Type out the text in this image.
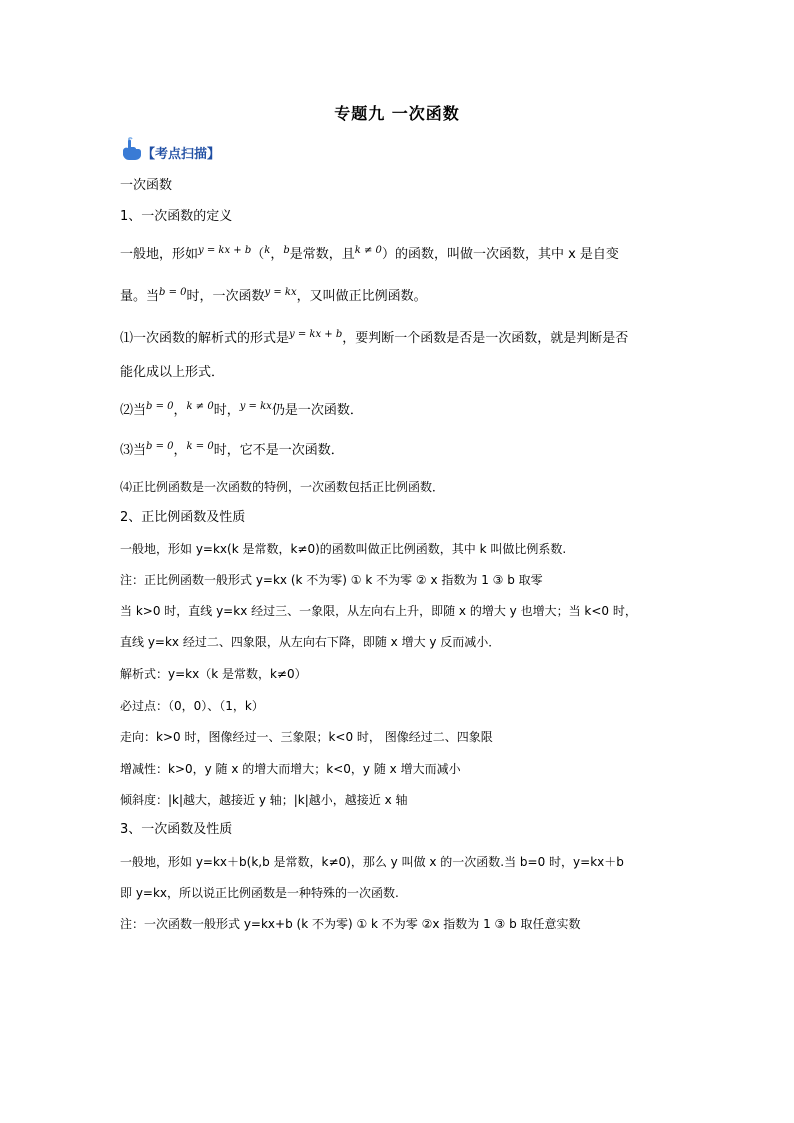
专题九 一次函数
【考点扫描】
一次函数
1、一次函数的定义
一般地，形如$^{y = kx + b}$（$^k$，$^b$是常数，且$^{k \ne 0}$）的函数，叫做一次函数，其中 x 是自变
量。当$^{b = 0}$时，一次函数$^{y = kx}$，又叫做正比例函数。
⑴一次函数的解析式的形式是$^{y = kx + b}$，要判断一个函数是否是一次函数，就是判断是否
能化成以上形式．
⑵当$^{b = 0}$，$^{k \ne 0}$时，$^{y = kx}$仍是一次函数．
⑶当$^{b = 0}$，$^{k = 0}$时，它不是一次函数．
⑷正比例函数是一次函数的特例，一次函数包括正比例函数．
2、正比例函数及性质
一般地，形如 y=kx(k 是常数，k≠0)的函数叫做正比例函数，其中 k 叫做比例系数.
注：正比例函数一般形式 y=kx (k 不为零) ① k 不为零 ② x 指数为 1 ③ b 取零
当 k>0 时，直线 y=kx 经过三、一象限，从左向右上升，即随 x 的增大 y 也增大；当 k<0 时，
直线 y=kx 经过二、四象限，从左向右下降，即随 x 增大 y 反而减小．
解析式：y=kx（k 是常数，k≠0）
必过点：（0，0）、（1，k）
走向：k>0 时，图像经过一、三象限；k<0 时， 图像经过二、四象限
增减性：k>0，y 随 x 的增大而增大；k<0，y 随 x 增大而减小
倾斜度：|k|越大，越接近 y 轴；|k|越小，越接近 x 轴
3、一次函数及性质
一般地，形如 y=kx＋b(k,b 是常数，k≠0)，那么 y 叫做 x 的一次函数.当 b=0 时，y=kx＋b
即 y=kx，所以说正比例函数是一种特殊的一次函数.
注：一次函数一般形式 y=kx+b (k 不为零) ① k 不为零 ②x 指数为 1 ③ b 取任意实数
